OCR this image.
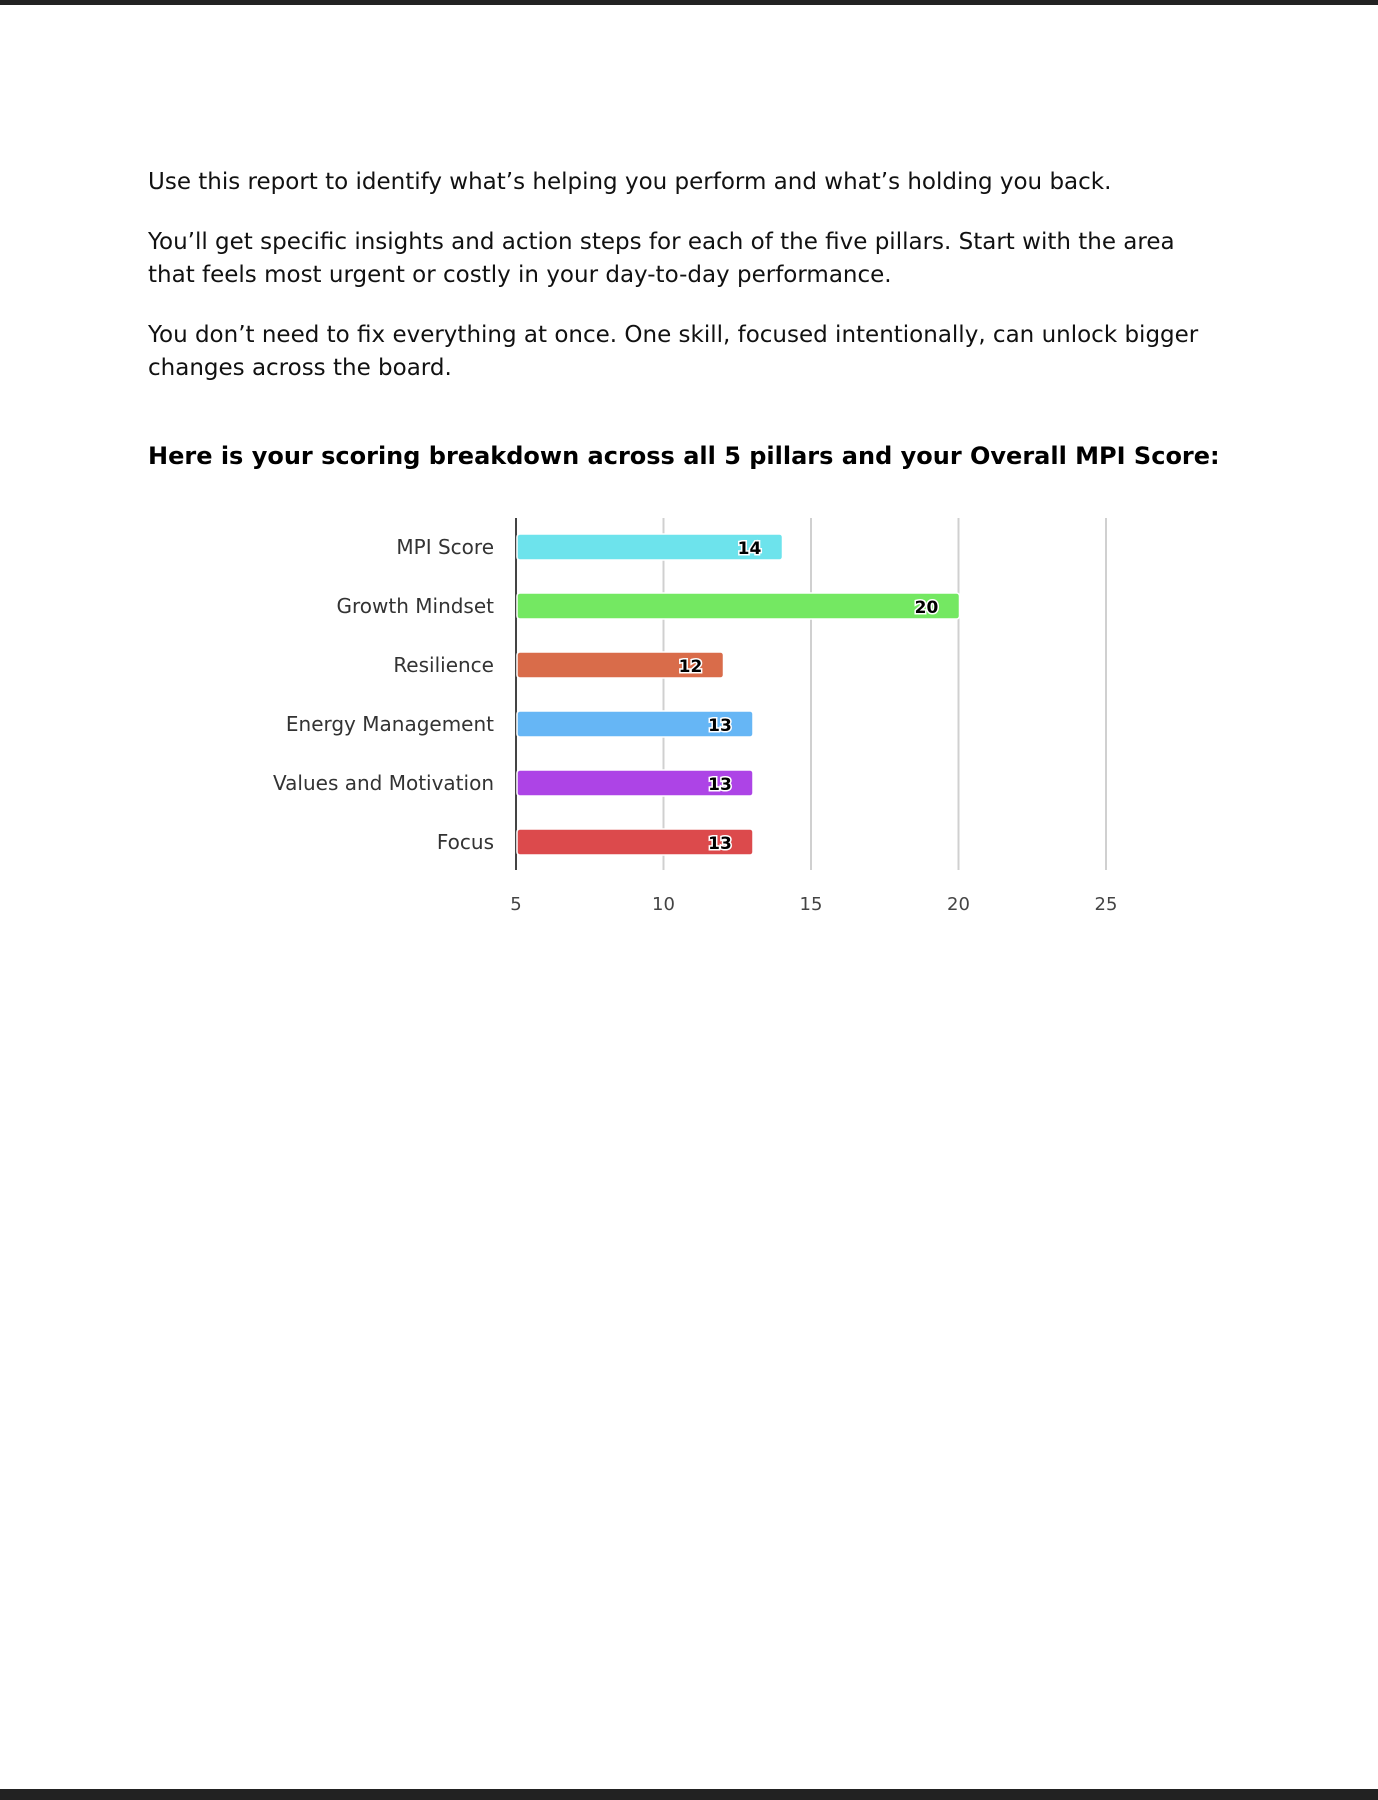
Use this report to identify what’s helping you perform and what’s holding you back.

You’ll get specific insights and action steps for each of the five pillars. Start with the area that feels most urgent or costly in your day-to-day performance.

You don’t need to fix everything at once. One skill, focused intentionally, can unlock bigger changes across the board.

Here is your scoring breakdown across all 5 pillars and your Overall MPI Score:
5	10	15	20	25
MPI Score	14
Growth Mindset	20
Resilience	12
Energy Management	13
Values and Motivation	13
Focus	13
